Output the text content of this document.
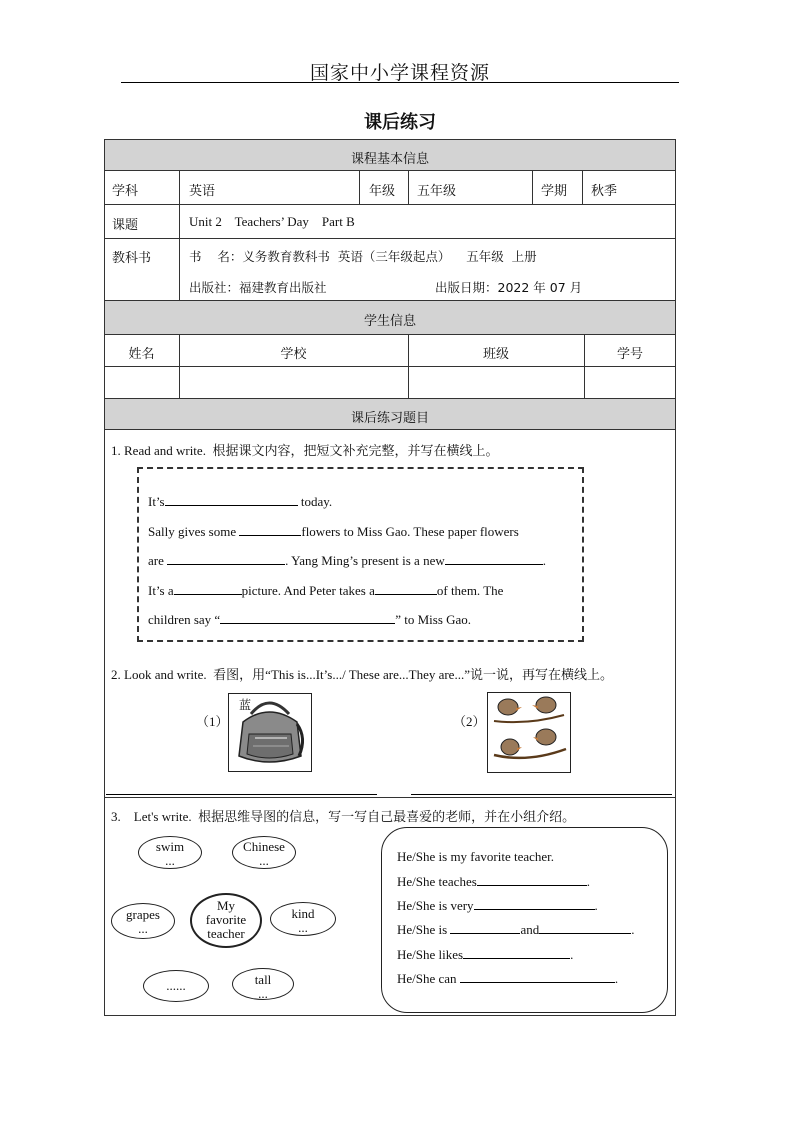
国家中小学课程资源
课后练习
课程基本信息
学科	英语	年级 五年级	学期 秋季
课题	Unit 2    Teachers’ Day    Part B
教科书	书    名：义务教育教科书  英语（三年级起点）    五年级  上册
出版社：福建教育出版社	出版日期：2022 年 07 月
学生信息
姓名	学校	班级	学号
课后练习题目
1. Read and write.  根据课文内容，把短文补充完整，并写在横线上。
It’s	today.
Sally gives some	flowers to Miss Gao. These paper flowers
are	. Yang Ming’s present is a new	.
It’s a	picture. And Peter takes a	of them. The
children say “	” to Miss Gao.
2. Look and write.  看图，用“This is...It’s.../ These are...They are...”说一说，再写在横线上。
（1）
蓝
（2）
3.    Let's write.  根据思维导图的信息，写一写自己最喜爱的老师，并在小组介绍。
swim
...
Chinese
...
grapes
...
My
favorite
teacher
kind
...
......	tall
...
He/She is my favorite teacher.
He/She teaches	.
He/She is very	.
He/She is	and	.
He/She likes	.
He/She can	.
